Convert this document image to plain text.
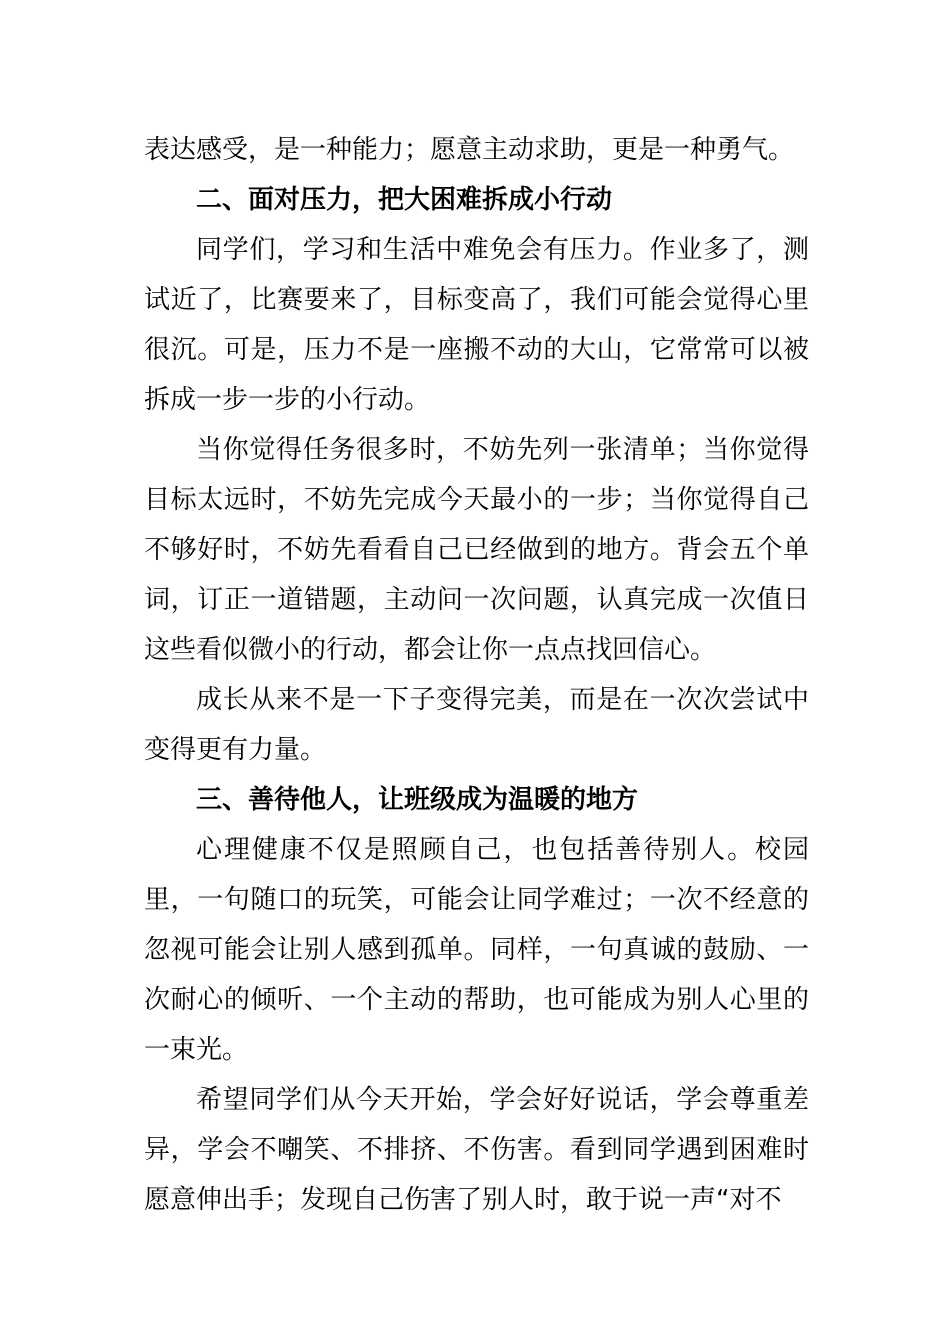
表达感受，是一种能力；愿意主动求助，更是一种勇气。

二、面对压力，把大困难拆成小行动

同学们，学习和生活中难免会有压力。作业多了，测试近了，比赛要来了，目标变高了，我们可能会觉得心里很沉。可是，压力不是一座搬不动的大山，它常常可以被拆成一步一步的小行动。

当你觉得任务很多时，不妨先列一张清单；当你觉得目标太远时，不妨先完成今天最小的一步；当你觉得自己不够好时，不妨先看看自己已经做到的地方。背会五个单词，订正一道错题，主动问一次问题，认真完成一次值日这些看似微小的行动，都会让你一点点找回信心。

成长从来不是一下子变得完美，而是在一次次尝试中变得更有力量。

三、善待他人，让班级成为温暖的地方

心理健康不仅是照顾自己，也包括善待别人。校园里，一句随口的玩笑，可能会让同学难过；一次不经意的忽视可能会让别人感到孤单。同样，一句真诚的鼓励、一次耐心的倾听、一个主动的帮助，也可能成为别人心里的一束光。

希望同学们从今天开始，学会好好说话，学会尊重差异，学会不嘲笑、不排挤、不伤害。看到同学遇到困难时愿意伸出手；发现自己伤害了别人时，敢于说一声“对不
